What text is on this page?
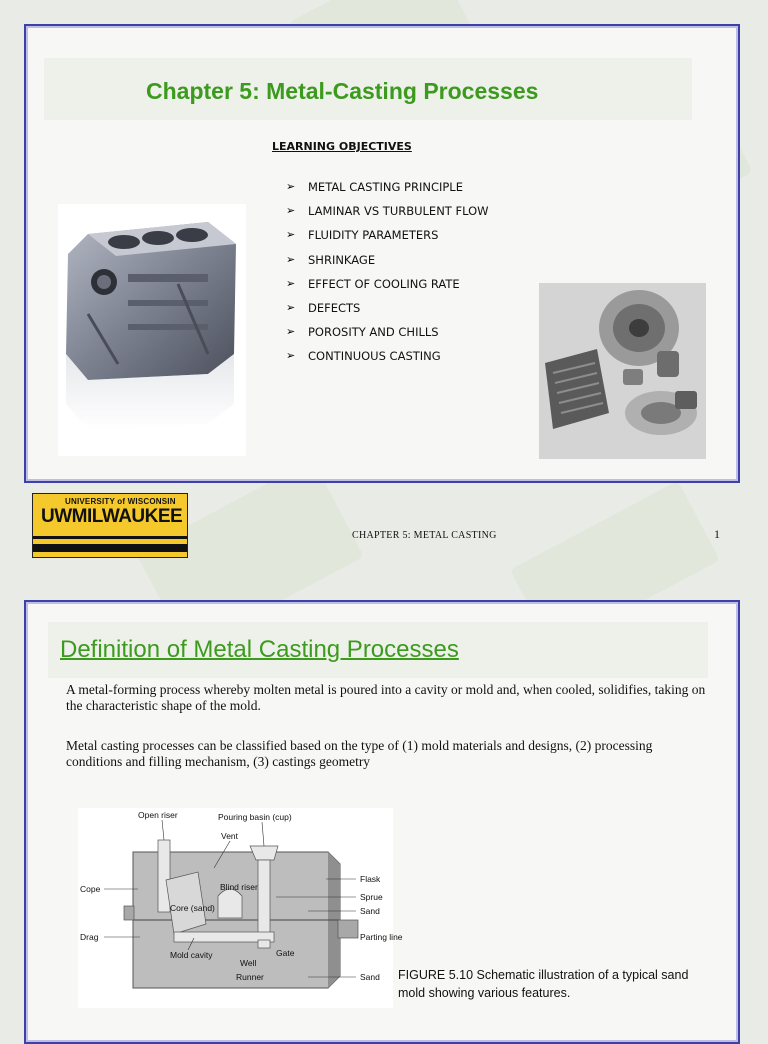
Chapter 5: Metal-Casting Processes
LEARNING OBJECTIVES
➢	METAL CASTING PRINCIPLE
➢	LAMINAR VS TURBULENT FLOW
➢	FLUIDITY PARAMETERS
➢	SHRINKAGE
➢	EFFECT OF COOLING RATE
➢	DEFECTS
➢	POROSITY AND CHILLS
➢	CONTINUOUS CASTING
UNIVERSITY of WISCONSIN
UWMILWAUKEE
CHAPTER 5: METAL CASTING	1
Definition of Metal Casting Processes
A metal-forming process whereby molten metal is poured into a cavity or mold and, when cooled, solidifies, taking on the characteristic shape of the mold.
Metal casting processes can be classified based on the type of (1) mold materials and designs, (2) processing conditions and filling mechanism, (3) castings geometry
Open riser	Pouring basin (cup)
Vent
Cope	Blind riser
Core (sand)
Drag
Mold cavity
Well
Runner
Gate
Flask
Sprue
Sand
Parting line
Sand FIGURE 5.10 Schematic illustration of a typical sand mold showing various features.
